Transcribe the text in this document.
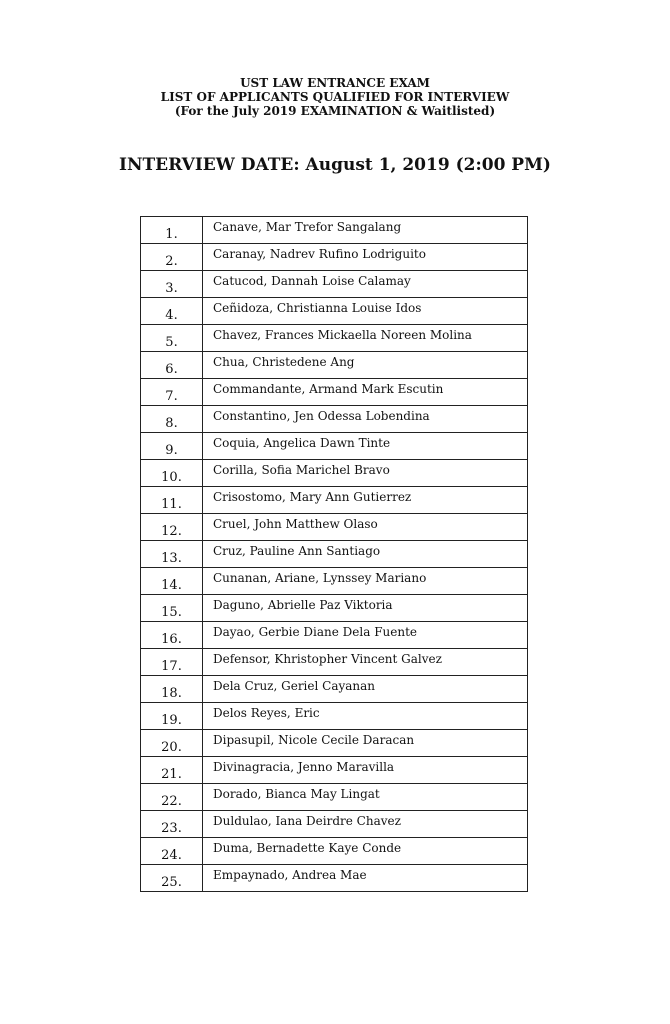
UST LAW ENTRANCE EXAM
LIST OF APPLICANTS QUALIFIED FOR INTERVIEW
(For the July 2019 EXAMINATION & Waitlisted)
INTERVIEW DATE: August 1, 2019 (2:00 PM)
1.	Canave, Mar Trefor Sangalang
2.	Caranay, Nadrev Rufino Lodriguito
3.	Catucod, Dannah Loise Calamay
4.	Ceñidoza, Christianna Louise Idos
5.	Chavez, Frances Mickaella Noreen Molina
6.	Chua, Christedene Ang
7.	Commandante, Armand Mark Escutin
8.	Constantino, Jen Odessa Lobendina
9.	Coquia, Angelica Dawn Tinte
10.	Corilla, Sofia Marichel Bravo
11.	Crisostomo, Mary Ann Gutierrez
12.	Cruel, John Matthew Olaso
13.	Cruz, Pauline Ann Santiago
14.	Cunanan, Ariane, Lynssey Mariano
15.	Daguno, Abrielle Paz Viktoria
16.	Dayao, Gerbie Diane Dela Fuente
17.	Defensor, Khristopher Vincent Galvez
18.	Dela Cruz, Geriel Cayanan
19.	Delos Reyes, Eric
20.	Dipasupil, Nicole Cecile Daracan
21.	Divinagracia, Jenno Maravilla
22.	Dorado, Bianca May Lingat
23.	Duldulao, Iana Deirdre Chavez
24.	Duma, Bernadette Kaye Conde
25.	Empaynado, Andrea Mae
